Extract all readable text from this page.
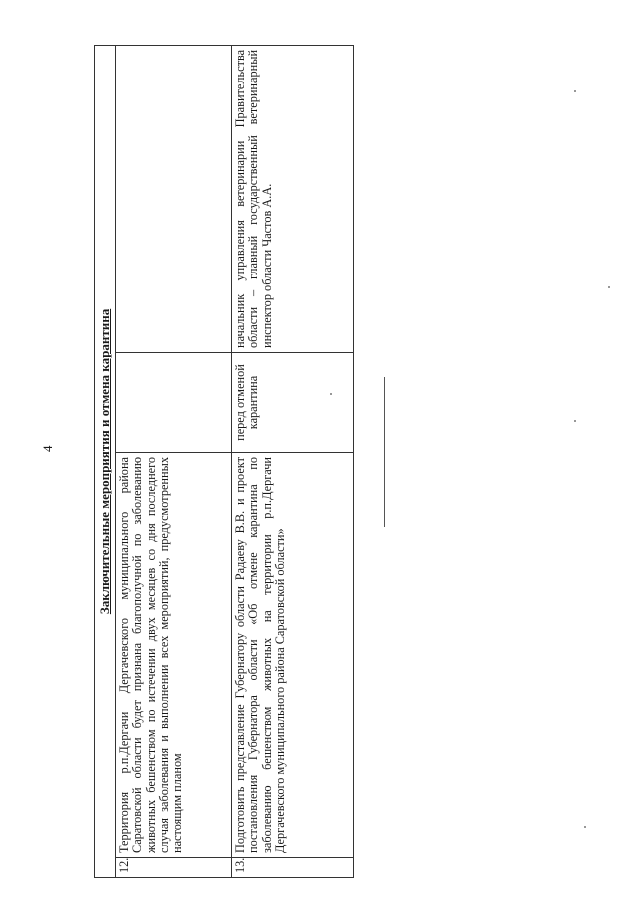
4	Заключительные мероприятия и отмена карантина			
12.	Территория р.п.Дергачи Дергачевского муниципального района Саратовской области будет признана благополучной по заболеванию животных бешенством по истечении двух месяцев со дня последнего случая заболевания и выполнении всех мероприятий, предусмотренных настоящим планом		
13.	Подготовить представление Губернатору области Радаеву В.В. и проект постановления Губернатора области «Об отмене карантина по заболеванию бешенством животных на территории р.п.Дергачи Дергачевского муниципального района Саратовской области»	перед отменой карантина	начальник управления ветеринарии Правительства области – главный государственный ветеринарный инспектор области Частов А.А.
